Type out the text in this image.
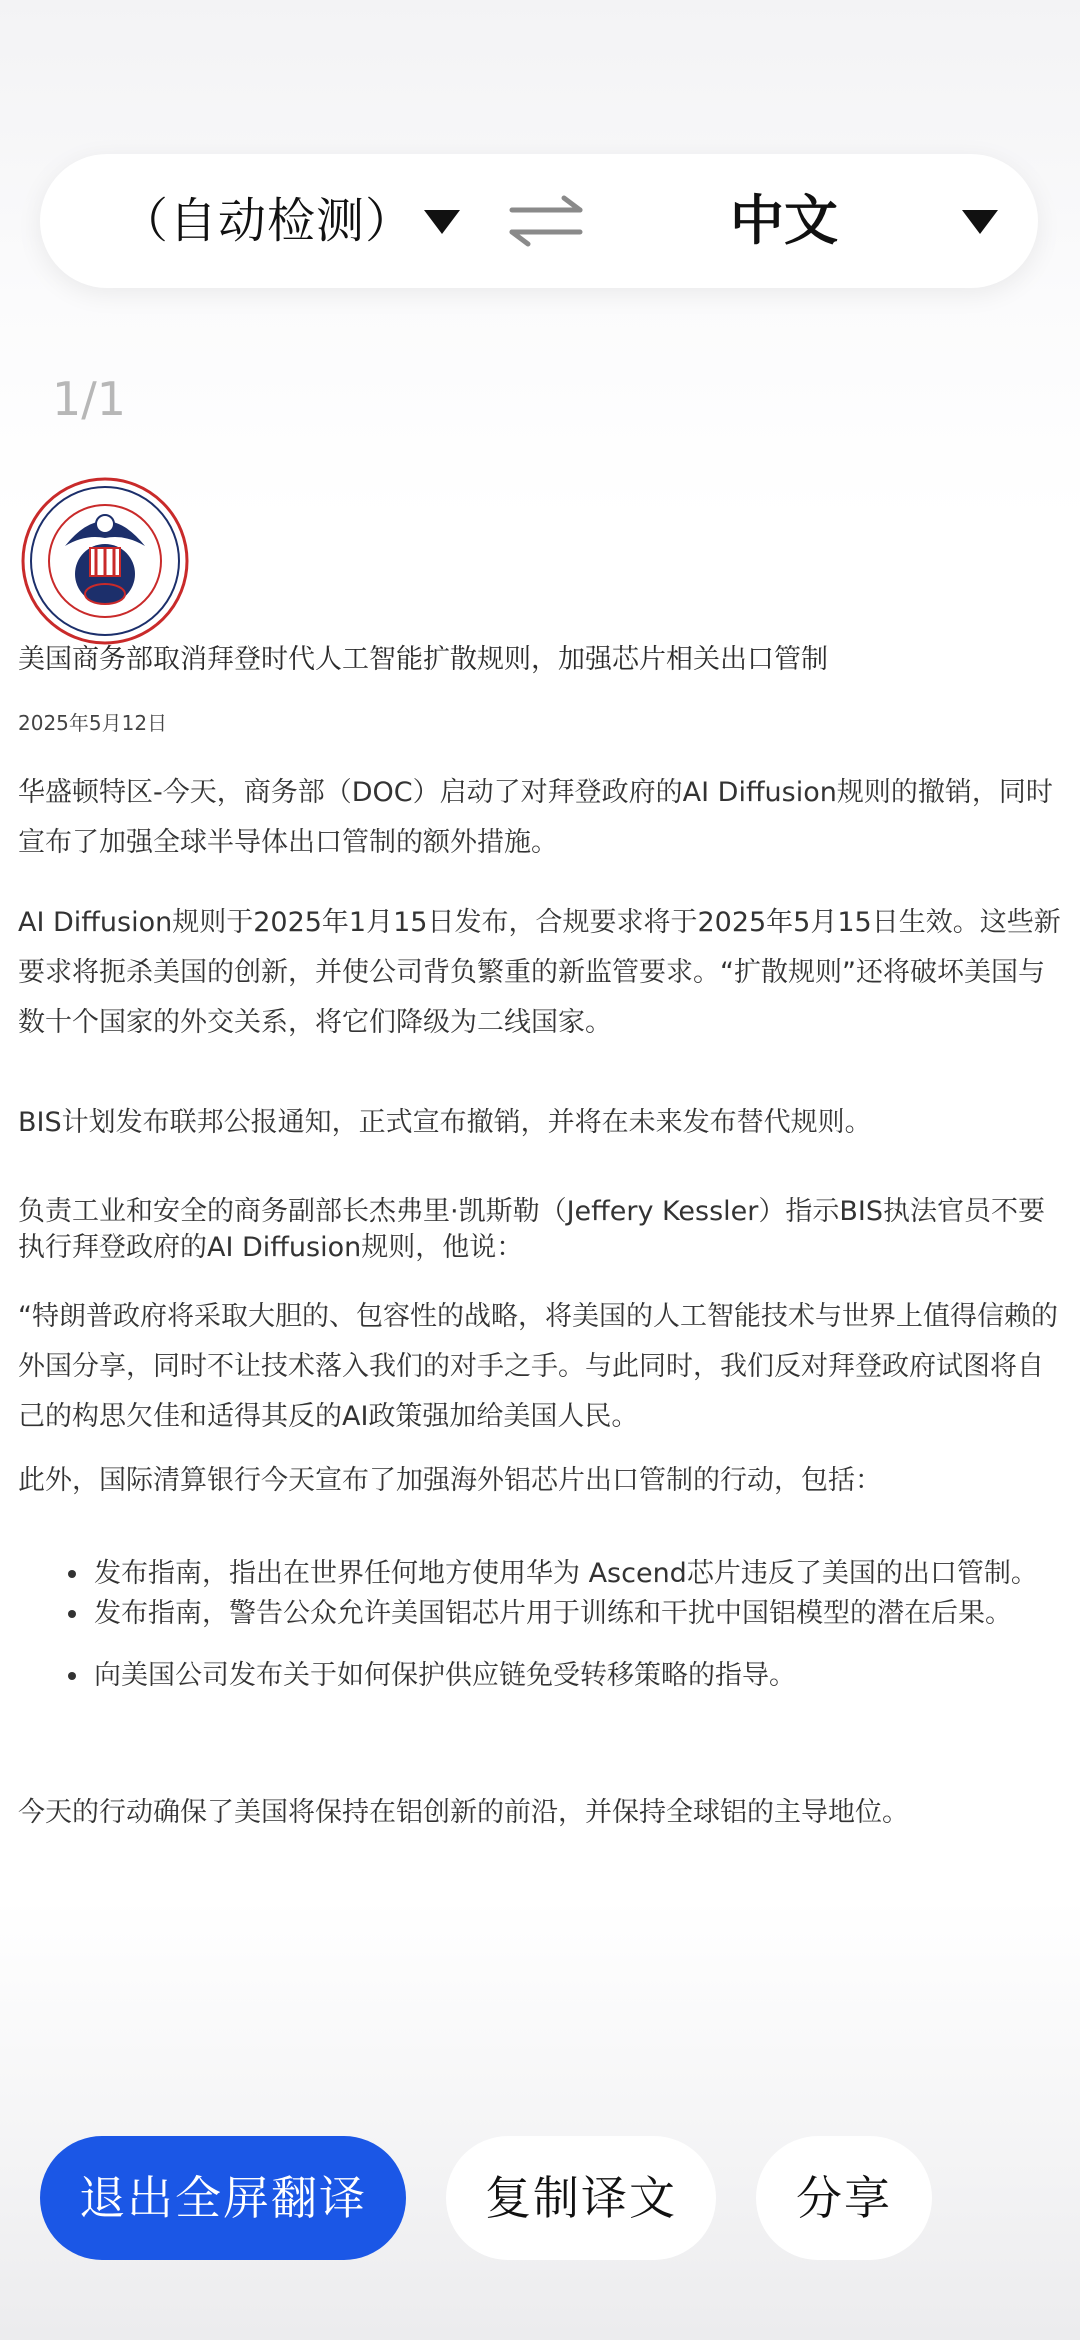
（自动检测）	中文
1/1
美国商务部取消拜登时代人工智能扩散规则，加强芯片相关出口管制
2025年5月12日
华盛顿特区-今天，商务部（DOC）启动了对拜登政府的AI Diffusion规则的撤销，同时宣布了加强全球半导体出口管制的额外措施。
AI Diffusion规则于2025年1月15日发布，合规要求将于2025年5月15日生效。这些新要求将扼杀美国的创新，并使公司背负繁重的新监管要求。“扩散规则”还将破坏美国与数十个国家的外交关系，将它们降级为二线国家。
BIS计划发布联邦公报通知，正式宣布撤销，并将在未来发布替代规则。
负责工业和安全的商务副部长杰弗里·凯斯勒（Jeffery Kessler）指示BIS执法官员不要执行拜登政府的AI Diffusion规则，他说：
“特朗普政府将采取大胆的、包容性的战略，将美国的人工智能技术与世界上值得信赖的外国分享，同时不让技术落入我们的对手之手。与此同时，我们反对拜登政府试图将自己的构思欠佳和适得其反的AI政策强加给美国人民。
此外，国际清算银行今天宣布了加强海外铝芯片出口管制的行动，包括：
发布指南，指出在世界任何地方使用华为 Ascend芯片违反了美国的出口管制。
发布指南，警告公众允许美国铝芯片用于训练和干扰中国铝模型的潜在后果。
向美国公司发布关于如何保护供应链免受转移策略的指导。
今天的行动确保了美国将保持在铝创新的前沿，并保持全球铝的主导地位。
退出全屏翻译	复制译文	分享
